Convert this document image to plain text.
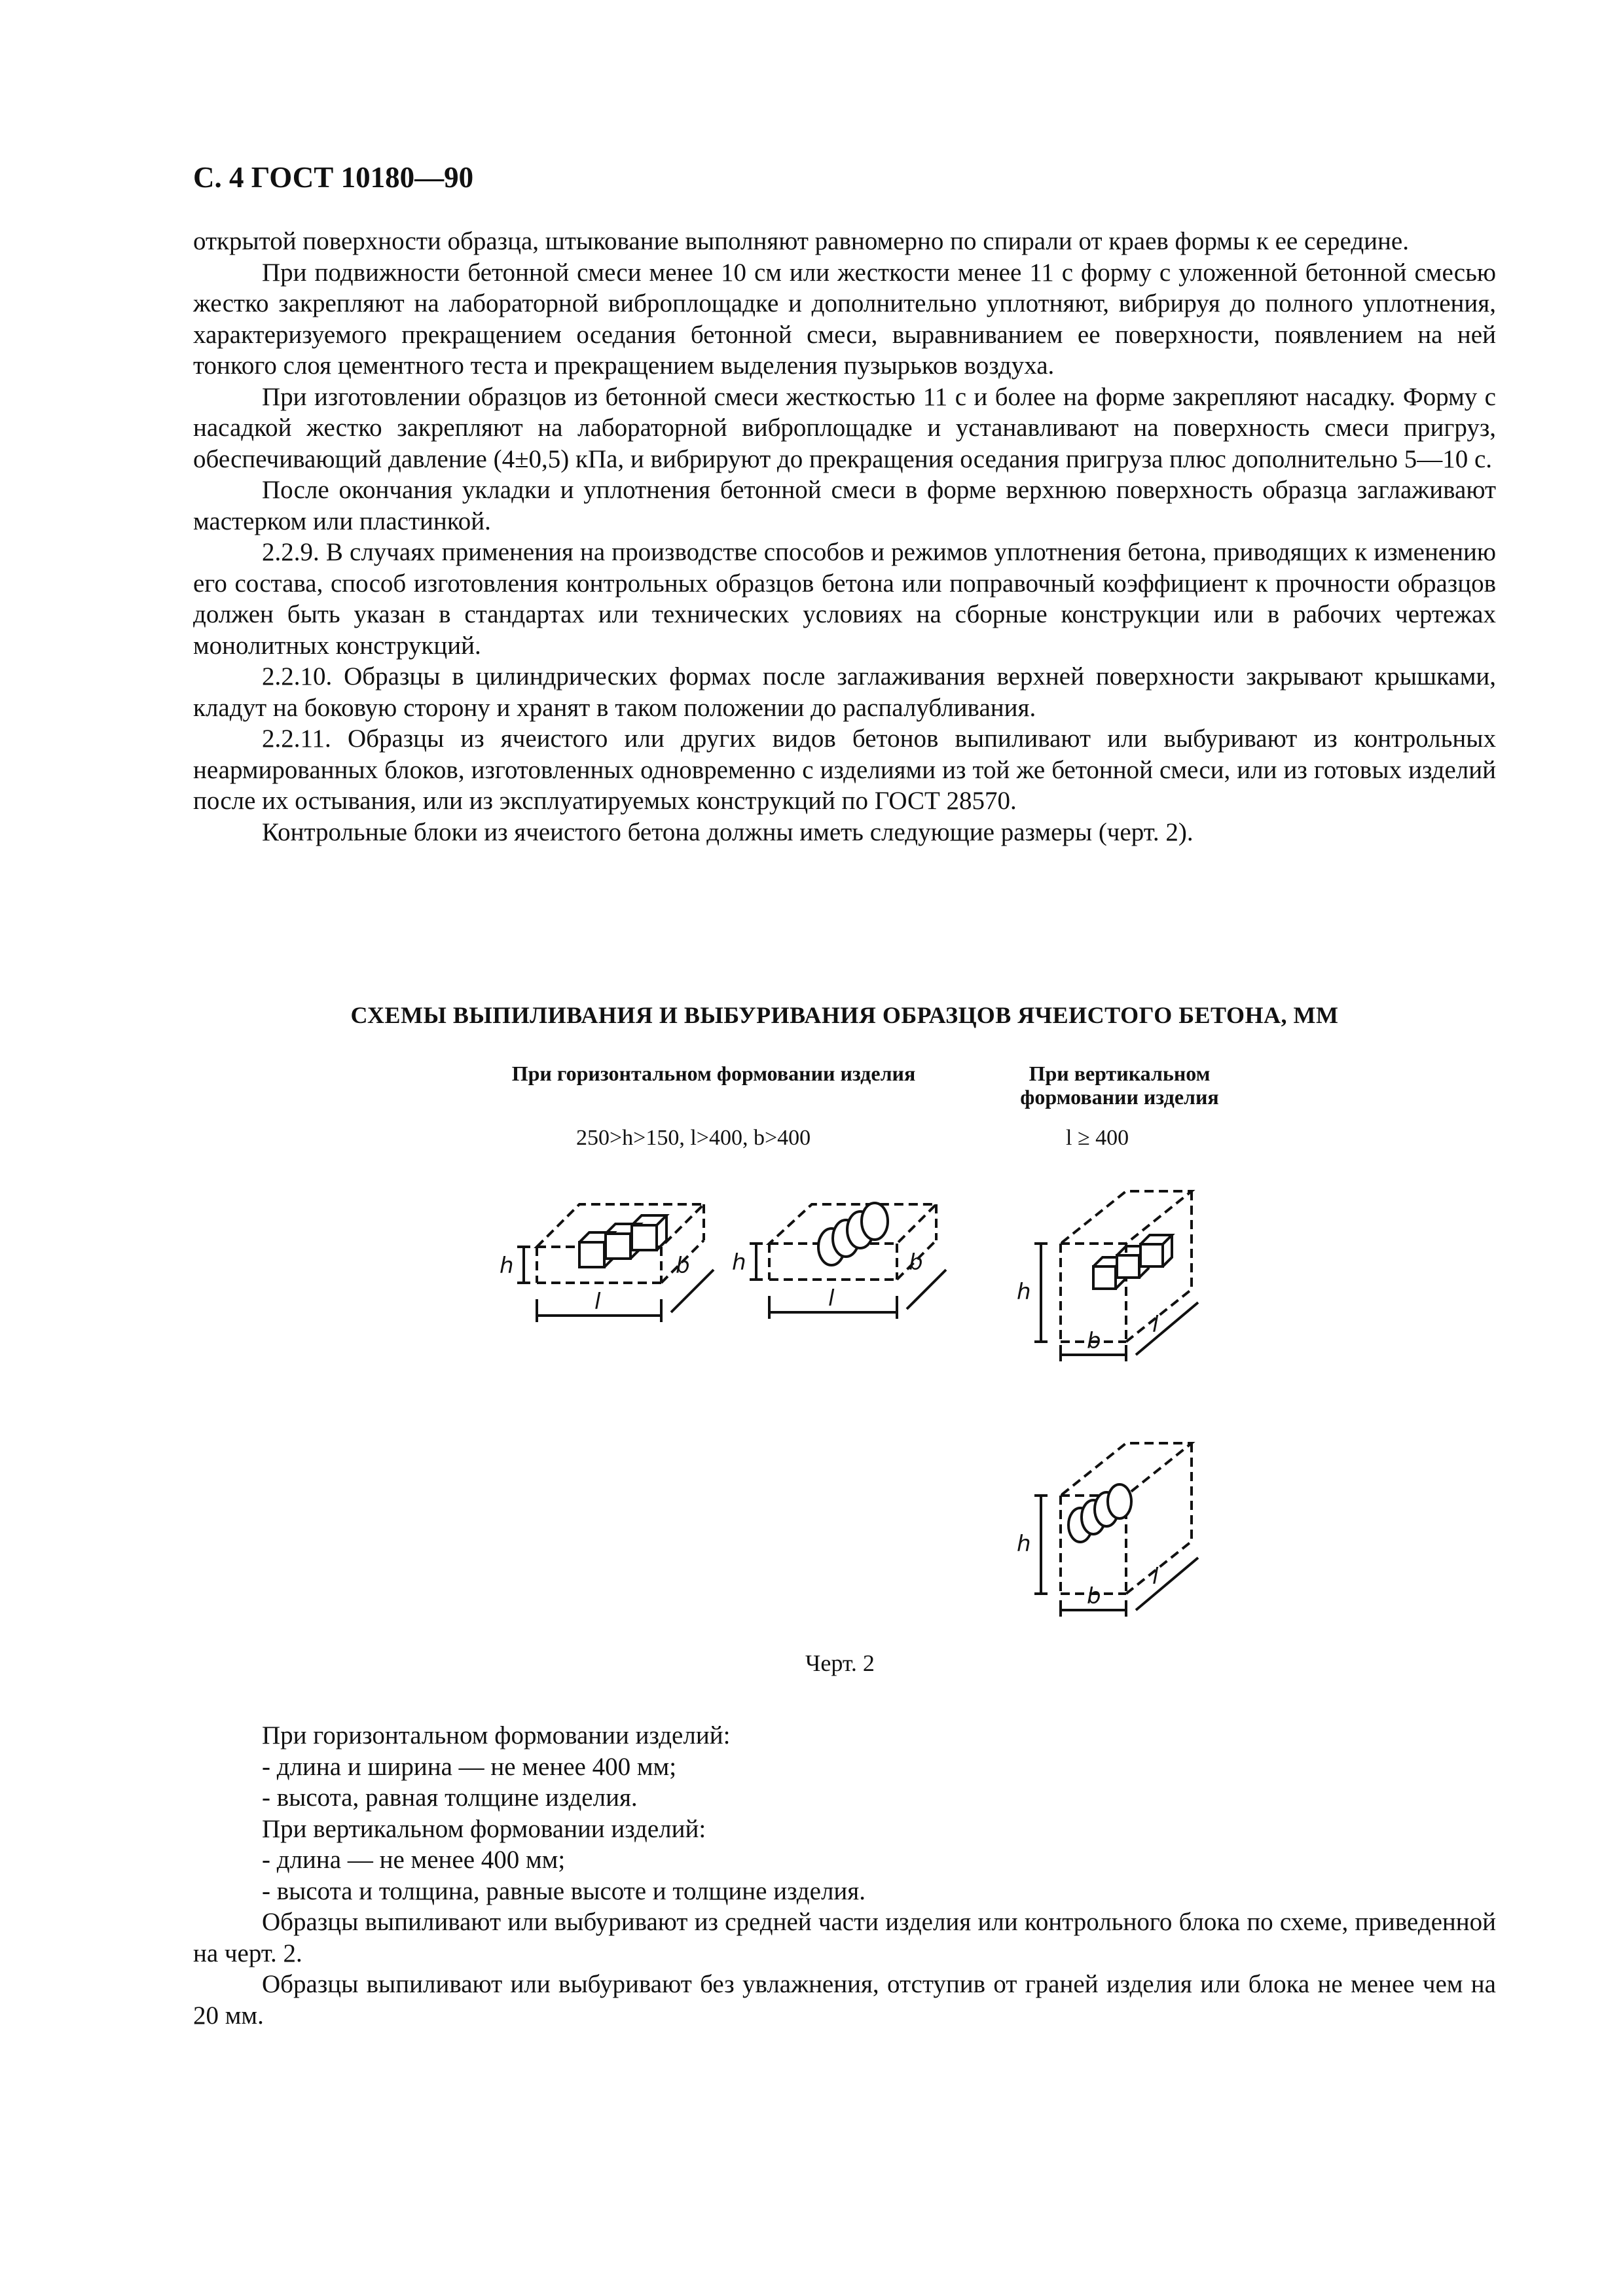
С. 4 ГОСТ 10180—90

открытой поверхности образца, штыкование выполняют равномерно по спирали от краев формы к ее середине.

При подвижности бетонной смеси менее 10 см или жесткости менее 11 с форму с уложенной бетонной смесью жестко закрепляют на лабораторной виброплощадке и дополнительно уплотняют, вибрируя до полного уплотнения, характеризуемого прекращением оседания бетонной смеси, выравниванием ее поверхности, появлением на ней тонкого слоя цементного теста и прекращением выделения пузырьков воздуха.

При изготовлении образцов из бетонной смеси жесткостью 11 с и более на форме закрепляют насадку. Форму с насадкой жестко закрепляют на лабораторной виброплощадке и устанавливают на поверхность смеси пригруз, обеспечивающий давление (4±0,5) кПа, и вибрируют до прекращения оседания пригруза плюс дополнительно 5—10 с.

После окончания укладки и уплотнения бетонной смеси в форме верхнюю поверхность образца заглаживают мастерком или пластинкой.

2.2.9. В случаях применения на производстве способов и режимов уплотнения бетона, приводящих к изменению его состава, способ изготовления контрольных образцов бетона или поправочный коэффициент к прочности образцов должен быть указан в стандартах или технических условиях на сборные конструкции или в рабочих чертежах монолитных конструкций.

2.2.10. Образцы в цилиндрических формах после заглаживания верхней поверхности закрывают крышками, кладут на боковую сторону и хранят в таком положении до распалубливания.

2.2.11. Образцы из ячеистого или других видов бетонов выпиливают или выбуривают из контрольных неармированных блоков, изготовленных одновременно с изделиями из той же бетонной смеси, или из готовых изделий после их остывания, или из эксплуатируемых конструкций по ГОСТ 28570.

Контрольные блоки из ячеистого бетона должны иметь следующие размеры (черт. 2).

СХЕМЫ ВЫПИЛИВАНИЯ И ВЫБУРИВАНИЯ ОБРАЗЦОВ ЯЧЕИСТОГО БЕТОНА, ММ
При горизонтальном формовании изделия	При вертикальном
формовании изделия
250>h>150, l>400, b>400	l ≥ 400
h
l
b h
l
b
h
b
l
h
b
l
Черт. 2

При горизонтальном формовании изделий:

- длина и ширина — не менее 400 мм;

- высота, равная толщине изделия.

При вертикальном формовании изделий:

- длина — не менее 400 мм;

- высота и толщина, равные высоте и толщине изделия.

Образцы выпиливают или выбуривают из средней части изделия или контрольного блока по схеме, приведенной на черт. 2.

Образцы выпиливают или выбуривают без увлажнения, отступив от граней изделия или блока не менее чем на 20 мм.
